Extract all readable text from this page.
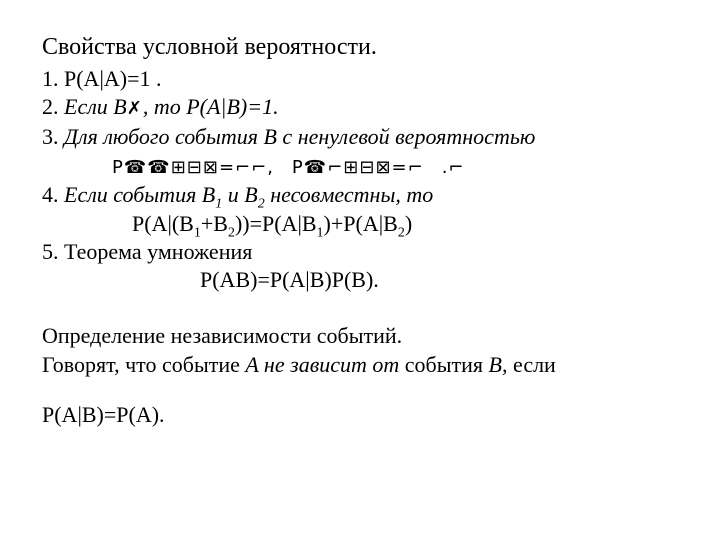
Свойства условной вероятности.
1. P(A|A)=1 .
2. Если B✗, то P(A|B)=1.
3. Для любого события B с ненулевой вероятностью
P☎☎⊞⊟⊠=⌐⌐, P☎⌐⊞⊟⊠=⌐ .⌐
4. Если события $B_1$ и $B_2$ несовместны, то
$P(A|(B_1+B_2))=P(A|B_1)+P(A|B_2)$
5. Теорема умножения
P(AB)=P(A|B)P(B).
Определение независимости событий.
Говорят, что событие A не зависит от события B, если
P(A|B)=P(A).
